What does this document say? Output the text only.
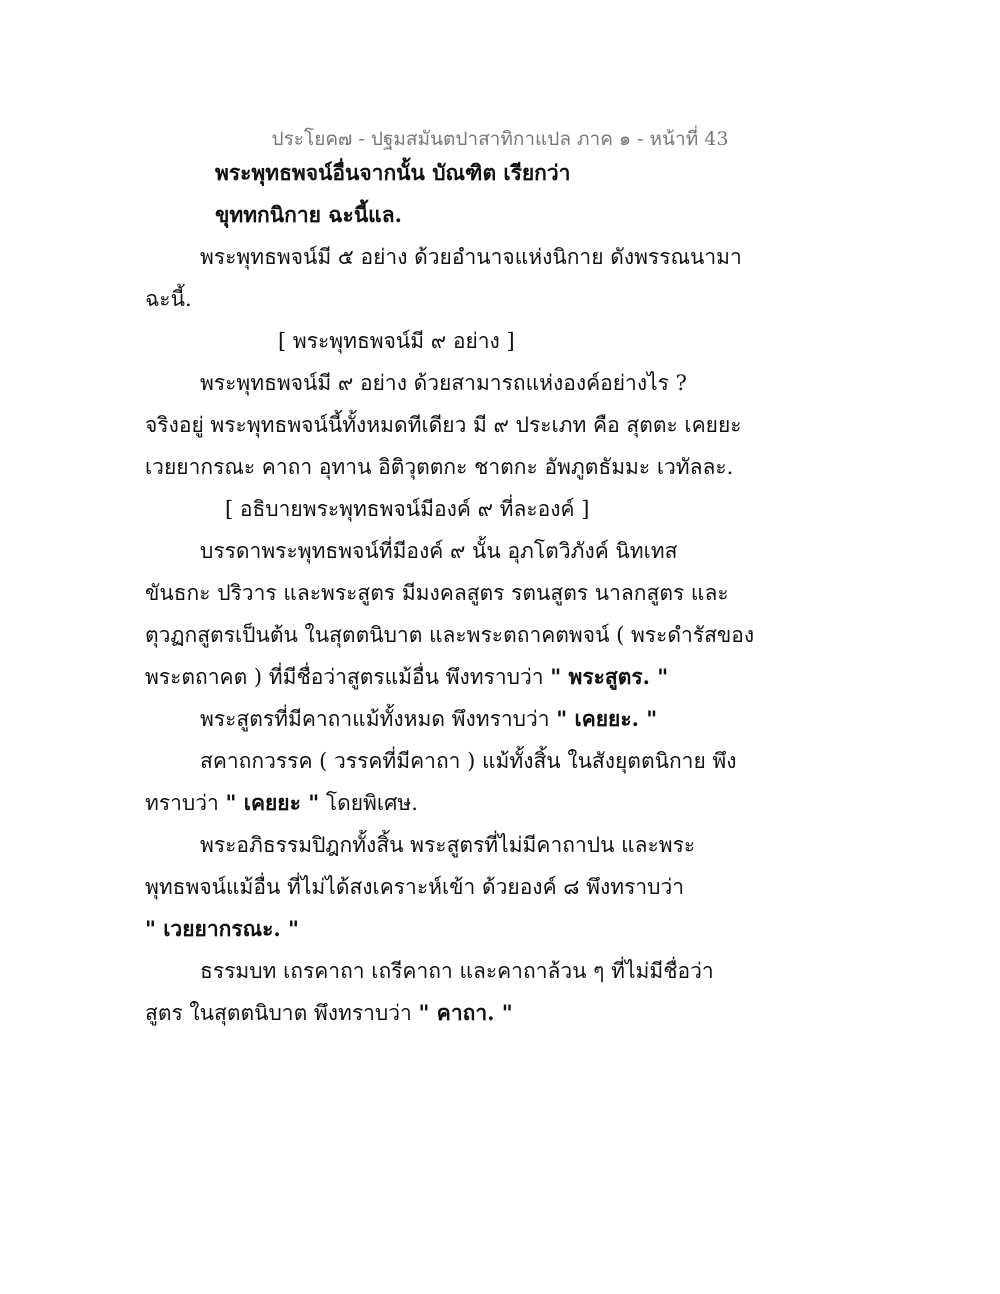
ประโยค๗ - ปฐมสมันตปาสาทิกาแปล ภาค ๑ - หน้าที่ 43
พระพุทธพจน์อื่นจากนั้น บัณฑิต เรียกว่า
ขุททกนิกาย ฉะนี้แล.
พระพุทธพจน์มี ๕ อย่าง ด้วยอำนาจแห่งนิกาย ดังพรรณนามา
ฉะนี้.
[ พระพุทธพจน์มี ๙ อย่าง ]
พระพุทธพจน์มี ๙ อย่าง ด้วยสามารถแห่งองค์อย่างไร ?
จริงอยู่ พระพุทธพจน์นี้ทั้งหมดทีเดียว มี ๙ ประเภท คือ สุตตะ เคยยะ
เวยยากรณะ คาถา อุทาน อิติวุตตกะ ชาตกะ อัพภูตธัมมะ เวทัลละ.
[ อธิบายพระพุทธพจน์มีองค์ ๙ ที่ละองค์ ]
บรรดาพระพุทธพจน์ที่มีองค์ ๙ นั้น อุภโตวิภังค์ นิทเทส
ขันธกะ ปริวาร และพระสูตร มีมงคลสูตร รตนสูตร นาลกสูตร และ
ตุวฏกสูตรเป็นต้น ในสุตตนิบาต และพระตถาคตพจน์ ( พระดำรัสของ
พระตถาคต ) ที่มีชื่อว่าสูตรแม้อื่น พึงทราบว่า " พระสูตร. "
พระสูตรที่มีคาถาแม้ทั้งหมด พึงทราบว่า " เคยยะ. "
สคาถกวรรค ( วรรคที่มีคาถา ) แม้ทั้งสิ้น ในสังยุตตนิกาย พึง
ทราบว่า " เคยยะ " โดยพิเศษ.
พระอภิธรรมปิฎกทั้งสิ้น พระสูตรที่ไม่มีคาถาปน และพระ
พุทธพจน์แม้อื่น ที่ไม่ได้สงเคราะห์เข้า ด้วยองค์ ๘ พึงทราบว่า
" เวยยากรณะ. "
ธรรมบท เถรคาถา เถรีคาถา และคาถาล้วน ๆ ที่ไม่มีชื่อว่า
สูตร ในสุตตนิบาต พึงทราบว่า " คาถา. "
